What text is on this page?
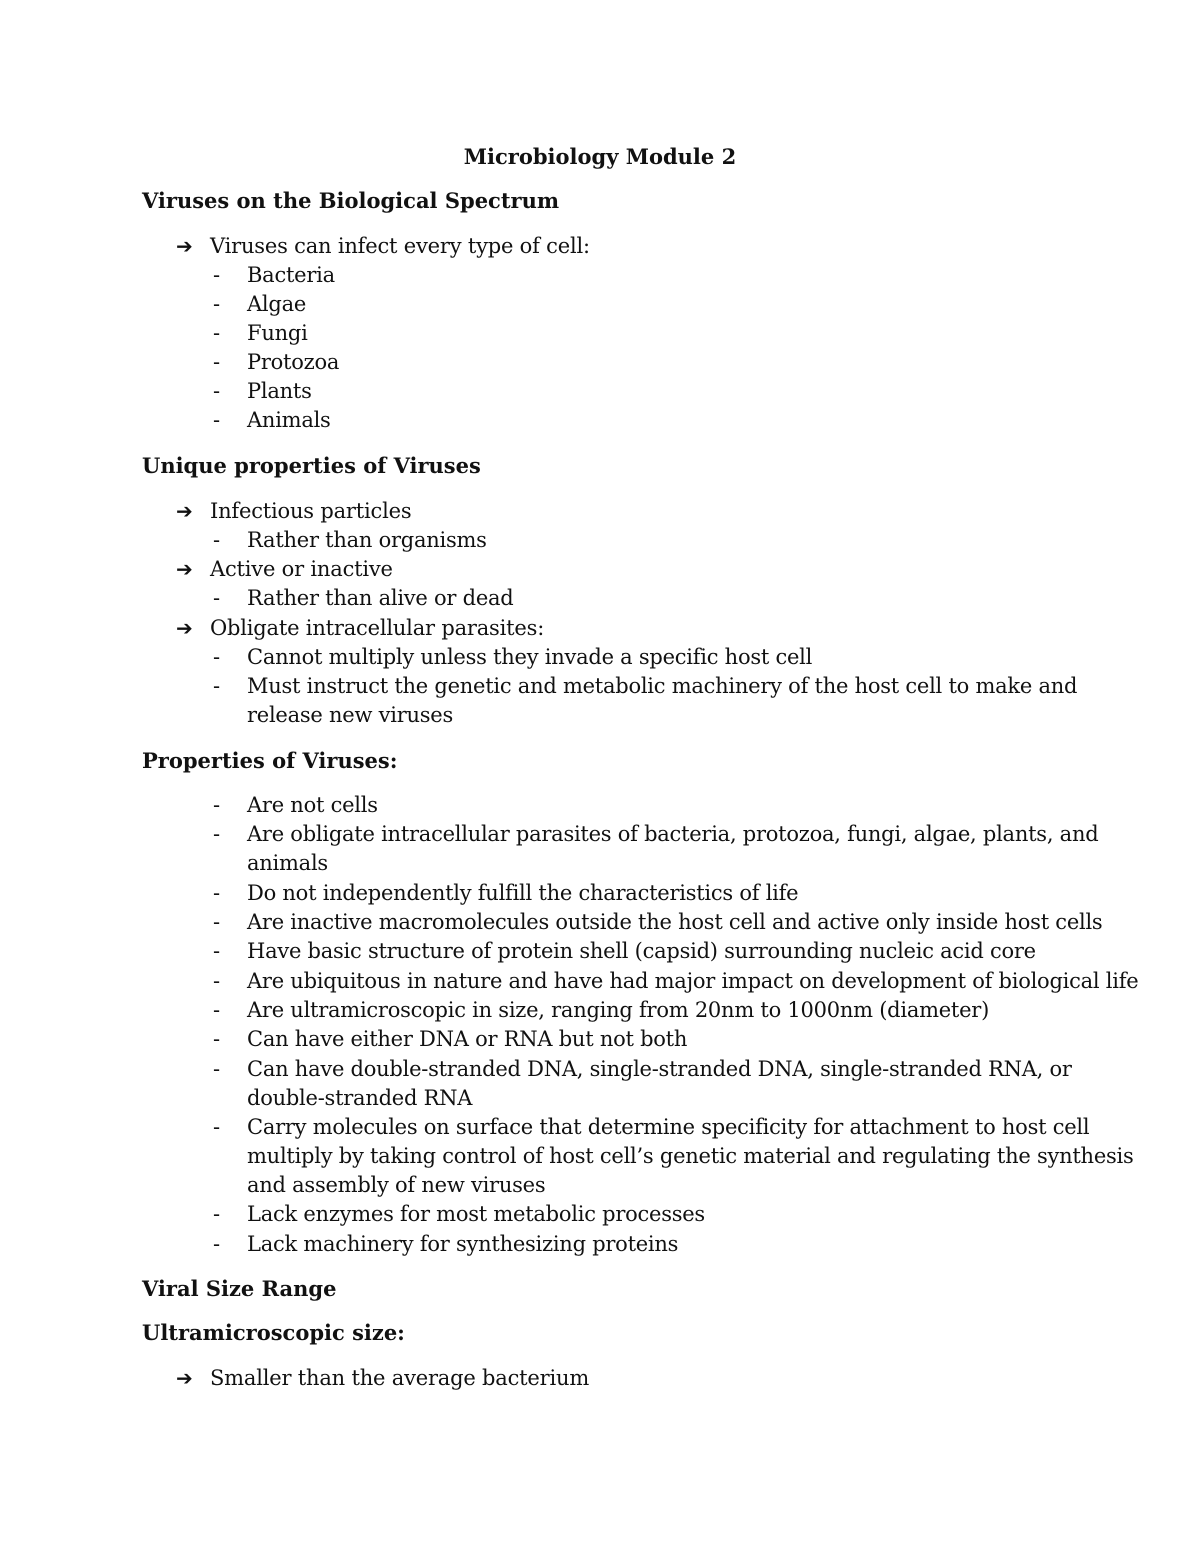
Microbiology Module 2
Viruses on the Biological Spectrum
➔ Viruses can infect every type of cell:
- Bacteria
- Algae
- Fungi
- Protozoa
- Plants
- Animals
Unique properties of Viruses
➔ Infectious particles
- Rather than organisms
➔ Active or inactive
- Rather than alive or dead
➔ Obligate intracellular parasites:
- Cannot multiply unless they invade a specific host cell
- Must instruct the genetic and metabolic machinery of the host cell to make and
release new viruses
Properties of Viruses:
- Are not cells
- Are obligate intracellular parasites of bacteria, protozoa, fungi, algae, plants, and
animals
- Do not independently fulfill the characteristics of life
- Are inactive macromolecules outside the host cell and active only inside host cells
- Have basic structure of protein shell (capsid) surrounding nucleic acid core
- Are ubiquitous in nature and have had major impact on development of biological life
- Are ultramicroscopic in size, ranging from 20nm to 1000nm (diameter)
- Can have either DNA or RNA but not both
- Can have double-stranded DNA, single-stranded DNA, single-stranded RNA, or
double-stranded RNA
- Carry molecules on surface that determine specificity for attachment to host cell
multiply by taking control of host cell’s genetic material and regulating the synthesis
and assembly of new viruses
- Lack enzymes for most metabolic processes
- Lack machinery for synthesizing proteins
Viral Size Range
Ultramicroscopic size:
➔ Smaller than the average bacterium
